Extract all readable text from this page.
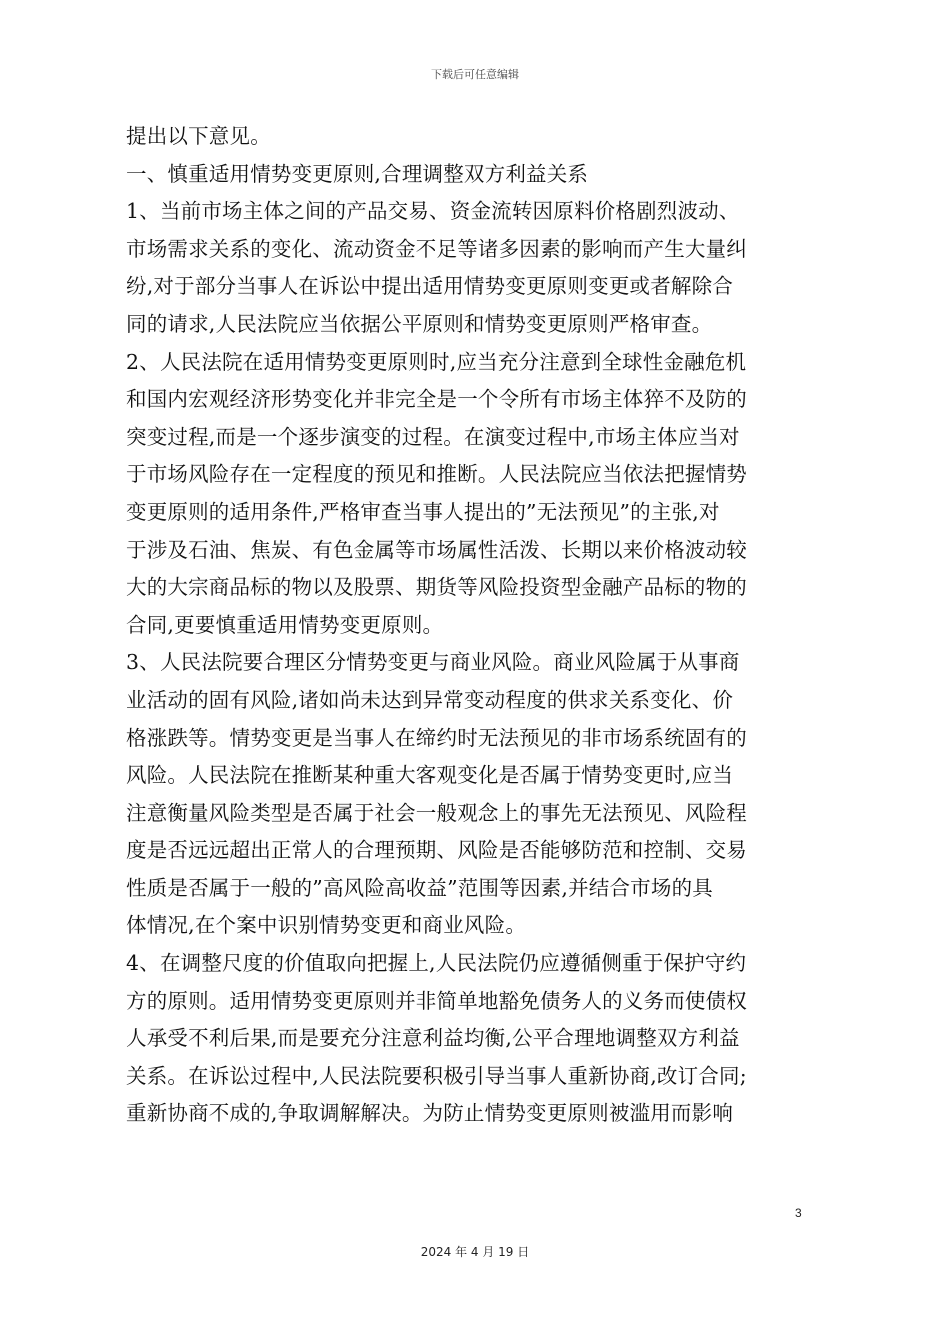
下载后可任意编辑
提出以下意见。
一、慎重适用情势变更原则,合理调整双方利益关系
1、当前市场主体之间的产品交易、资金流转因原料价格剧烈波动、
市场需求关系的变化、流动资金不足等诸多因素的影响而产生大量纠
纷,对于部分当事人在诉讼中提出适用情势变更原则变更或者解除合
同的请求,人民法院应当依据公平原则和情势变更原则严格审查。
2、人民法院在适用情势变更原则时,应当充分注意到全球性金融危机
和国内宏观经济形势变化并非完全是一个令所有市场主体猝不及防的
突变过程,而是一个逐步演变的过程。在演变过程中,市场主体应当对
于市场风险存在一定程度的预见和推断。人民法院应当依法把握情势
变更原则的适用条件,严格审查当事人提出的”无法预见”的主张,对
于涉及石油、焦炭、有色金属等市场属性活泼、长期以来价格波动较
大的大宗商品标的物以及股票、期货等风险投资型金融产品标的物的
合同,更要慎重适用情势变更原则。
3、人民法院要合理区分情势变更与商业风险。商业风险属于从事商
业活动的固有风险,诸如尚未达到异常变动程度的供求关系变化、价
格涨跌等。情势变更是当事人在缔约时无法预见的非市场系统固有的
风险。人民法院在推断某种重大客观变化是否属于情势变更时,应当
注意衡量风险类型是否属于社会一般观念上的事先无法预见、风险程
度是否远远超出正常人的合理预期、风险是否能够防范和控制、交易
性质是否属于一般的”高风险高收益”范围等因素,并结合市场的具
体情况,在个案中识别情势变更和商业风险。
4、在调整尺度的价值取向把握上,人民法院仍应遵循侧重于保护守约
方的原则。适用情势变更原则并非简单地豁免债务人的义务而使债权
人承受不利后果,而是要充分注意利益均衡,公平合理地调整双方利益
关系。在诉讼过程中,人民法院要积极引导当事人重新协商,改订合同;
重新协商不成的,争取调解解决。为防止情势变更原则被滥用而影响
3
2024 年 4 月 19 日
